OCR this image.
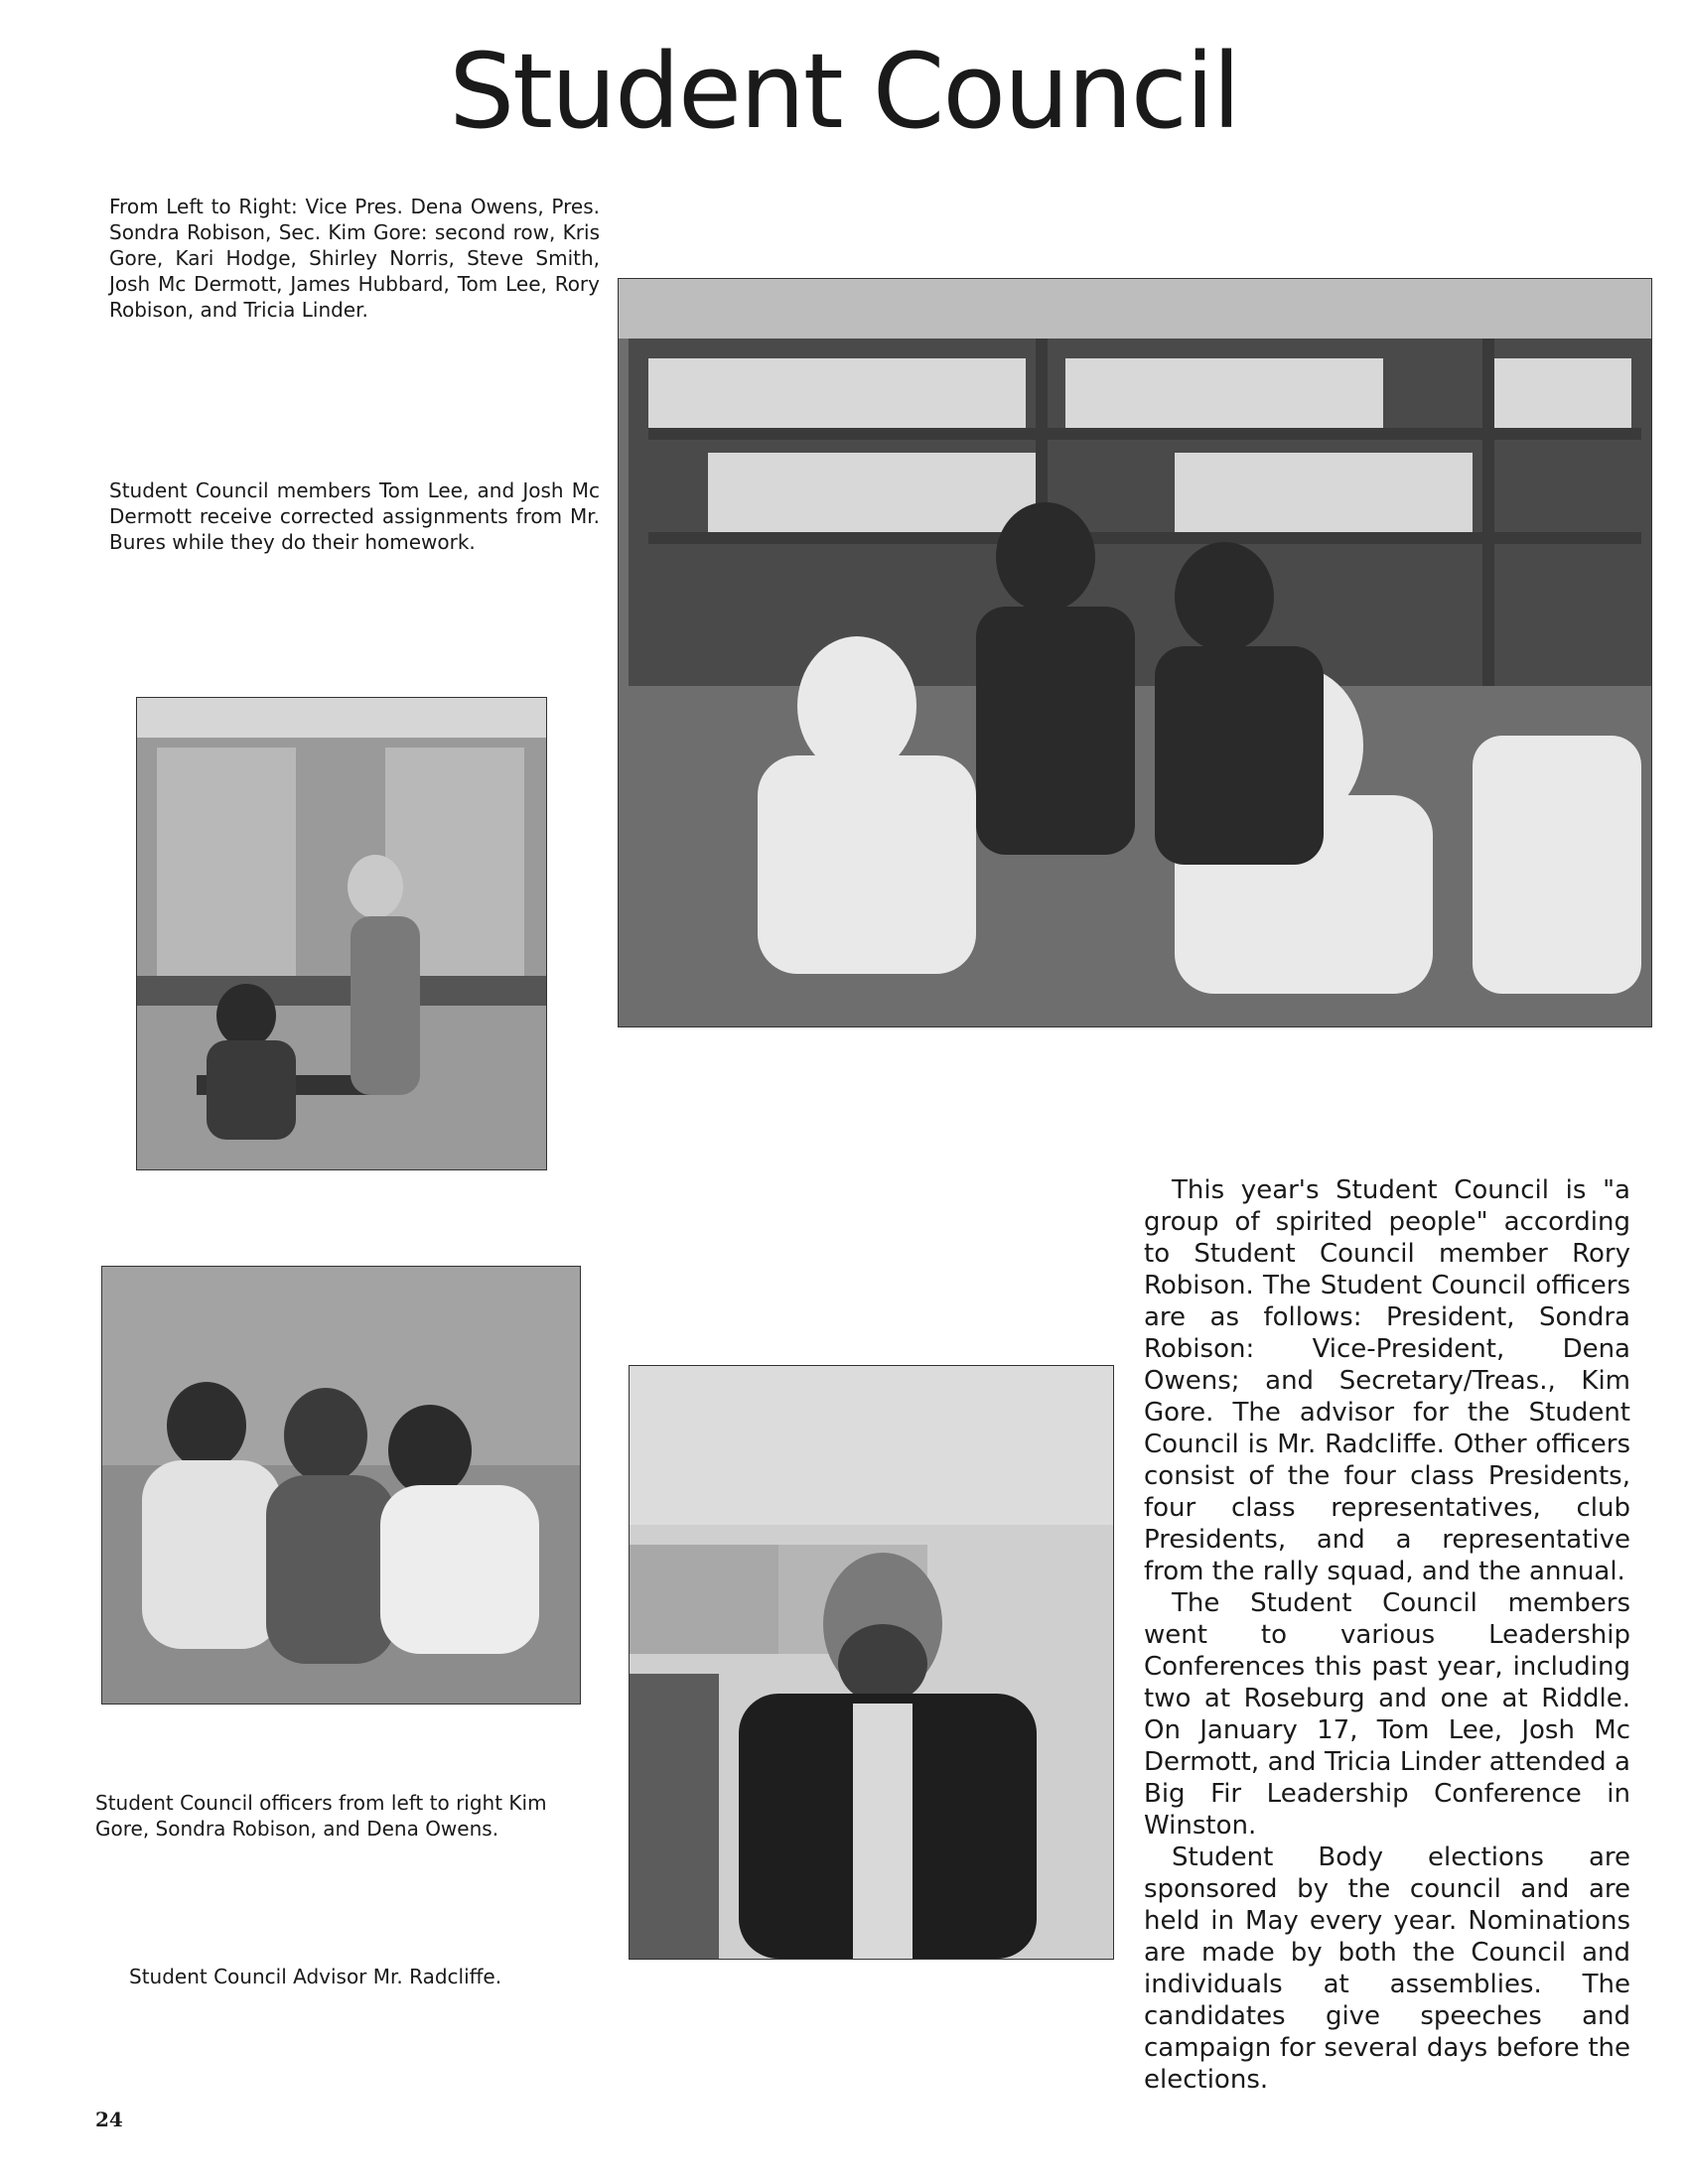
Student Council

From Left to Right: Vice Pres. Dena Owens, Pres. Sondra Robison, Sec. Kim Gore: second row, Kris Gore, Kari Hodge, Shirley Norris, Steve Smith, Josh Mc Dermott, James Hubbard, Tom Lee, Rory Robison, and Tricia Linder.

Student Council members Tom Lee, and Josh Mc Dermott receive corrected assignments from Mr. Bures while they do their homework.

Student Council officers from left to right Kim Gore, Sondra Robison, and Dena Owens.

Student Council Advisor Mr. Radcliffe.

This year's Student Council is "a group of spirited people" according to Student Council member Rory Robison. The Student Council officers are as follows: President, Sondra Robison: Vice-President, Dena Owens; and Secretary/Treas., Kim Gore. The advisor for the Student Council is Mr. Radcliffe. Other officers consist of the four class Presidents, four class representatives, club Presidents, and a representative from the rally squad, and the annual.

The Student Council members went to various Leadership Conferences this past year, including two at Roseburg and one at Riddle. On January 17, Tom Lee, Josh Mc Dermott, and Tricia Linder attended a Big Fir Leadership Conference in Winston.

Student Body elections are sponsored by the council and are held in May every year. Nominations are made by both the Council and individuals at assemblies. The candidates give speeches and campaign for several days before the elections.

24
